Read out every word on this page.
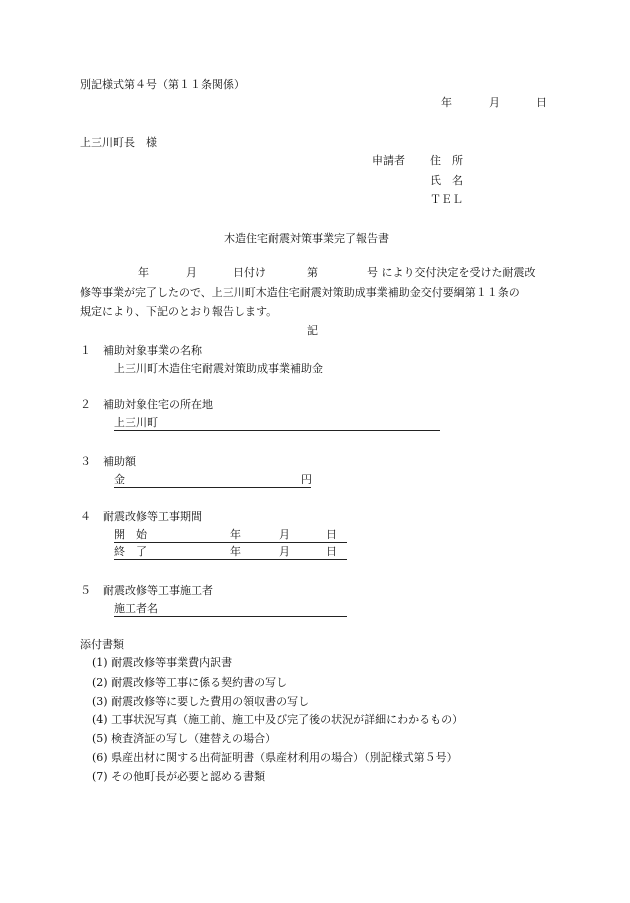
別記様式第４号（第１１条関係）
年	月	日
上三川町長　様
申請者 住　所
氏　名
ＴＥＬ
木造住宅耐震対策事業完了報告書
年	月	日付け	第	号 により交付決定を受けた耐震改
修等事業が完了したので、上三川町木造住宅耐震対策助成事業補助金交付要綱第１１条の
規定により、下記のとおり報告します。
記
１ 補助対象事業の名称
上三川町木造住宅耐震対策助成事業補助金
２ 補助対象住宅の所在地
上三川町
３ 補助額
金	円
４ 耐震改修等工事期間
開　始	年	月	日
終　了	年	月	日
５ 耐震改修等工事施工者
施工者名
添付書類
(1) 耐震改修等事業費内訳書
(2) 耐震改修等工事に係る契約書の写し
(3) 耐震改修等に要した費用の領収書の写し
(4) 工事状況写真（施工前、施工中及び完了後の状況が詳細にわかるもの）
(5) 検査済証の写し（建替えの場合）
(6) 県産出材に関する出荷証明書（県産材利用の場合）（別記様式第５号）
(7) その他町長が必要と認める書類
